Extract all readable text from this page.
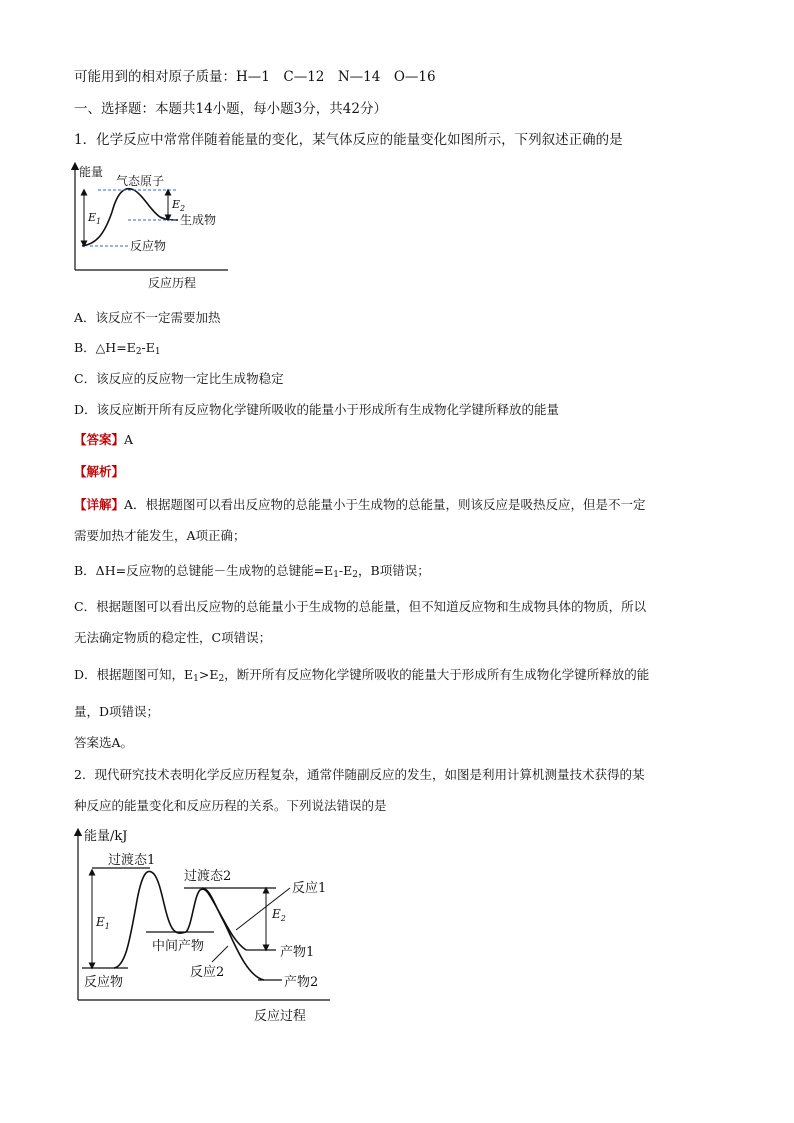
可能用到的相对原子质量：H—1　C—12　N—14　O—16
一、选择题：本题共14小题，每小题3分，共42分）
1．化学反应中常常伴随着能量的变化，某气体反应的能量变化如图所示，下列叙述正确的是
能量
气态原子
$E_1$
$E_2$
生成物
反应物
反应历程
A．该反应不一定需要加热
B．$\triangle H=E_2-E_1$
C．该反应的反应物一定比生成物稳定
D．该反应断开所有反应物化学键所吸收的能量小于形成所有生成物化学键所释放的能量
【答案】A
【解析】
【详解】A．根据题图可以看出反应物的总能量小于生成物的总能量，则该反应是吸热反应，但是不一定
需要加热才能发生，A项正确；
B．ΔH=反应物的总键能－生成物的总键能$=E_1-E_2$，B项错误；
C．根据题图可以看出反应物的总能量小于生成物的总能量，但不知道反应物和生成物具体的物质，所以
无法确定物质的稳定性，C项错误；
D．根据题图可知，$E_1>E_2$，断开所有反应物化学键所吸收的能量大于形成所有生成物化学键所释放的能
量，D项错误；
答案选A。
2．现代研究技术表明化学反应历程复杂，通常伴随副反应的发生，如图是利用计算机测量技术获得的某
种反应的能量变化和反应历程的关系。下列说法错误的是
能量/kJ
过渡态1
过渡态2
反应1
中间产物	产物1
反应2
反应物	产物2
$E_1$
$E_2$
反应过程
